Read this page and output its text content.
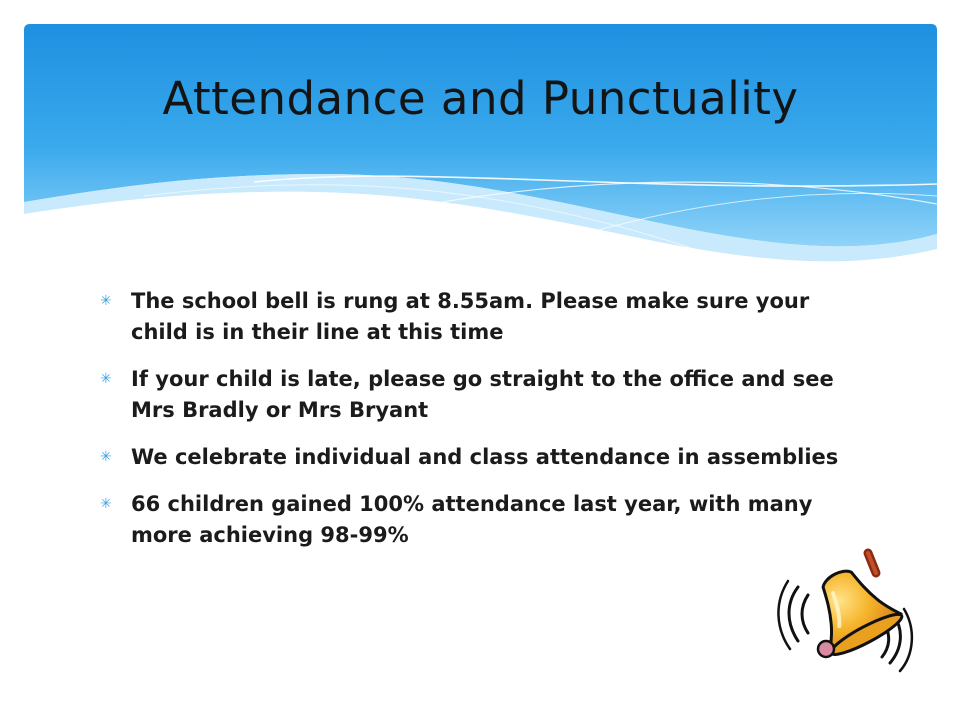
Attendance and Punctuality
✳ The school bell is rung at 8.55am. Please make sure your child is in their line at this time
✳ If your child is late, please go straight to the office and see Mrs Bradly or Mrs Bryant
✳ We celebrate individual and class attendance in assemblies
✳ 66 children gained 100% attendance last year, with many more achieving 98-99%
